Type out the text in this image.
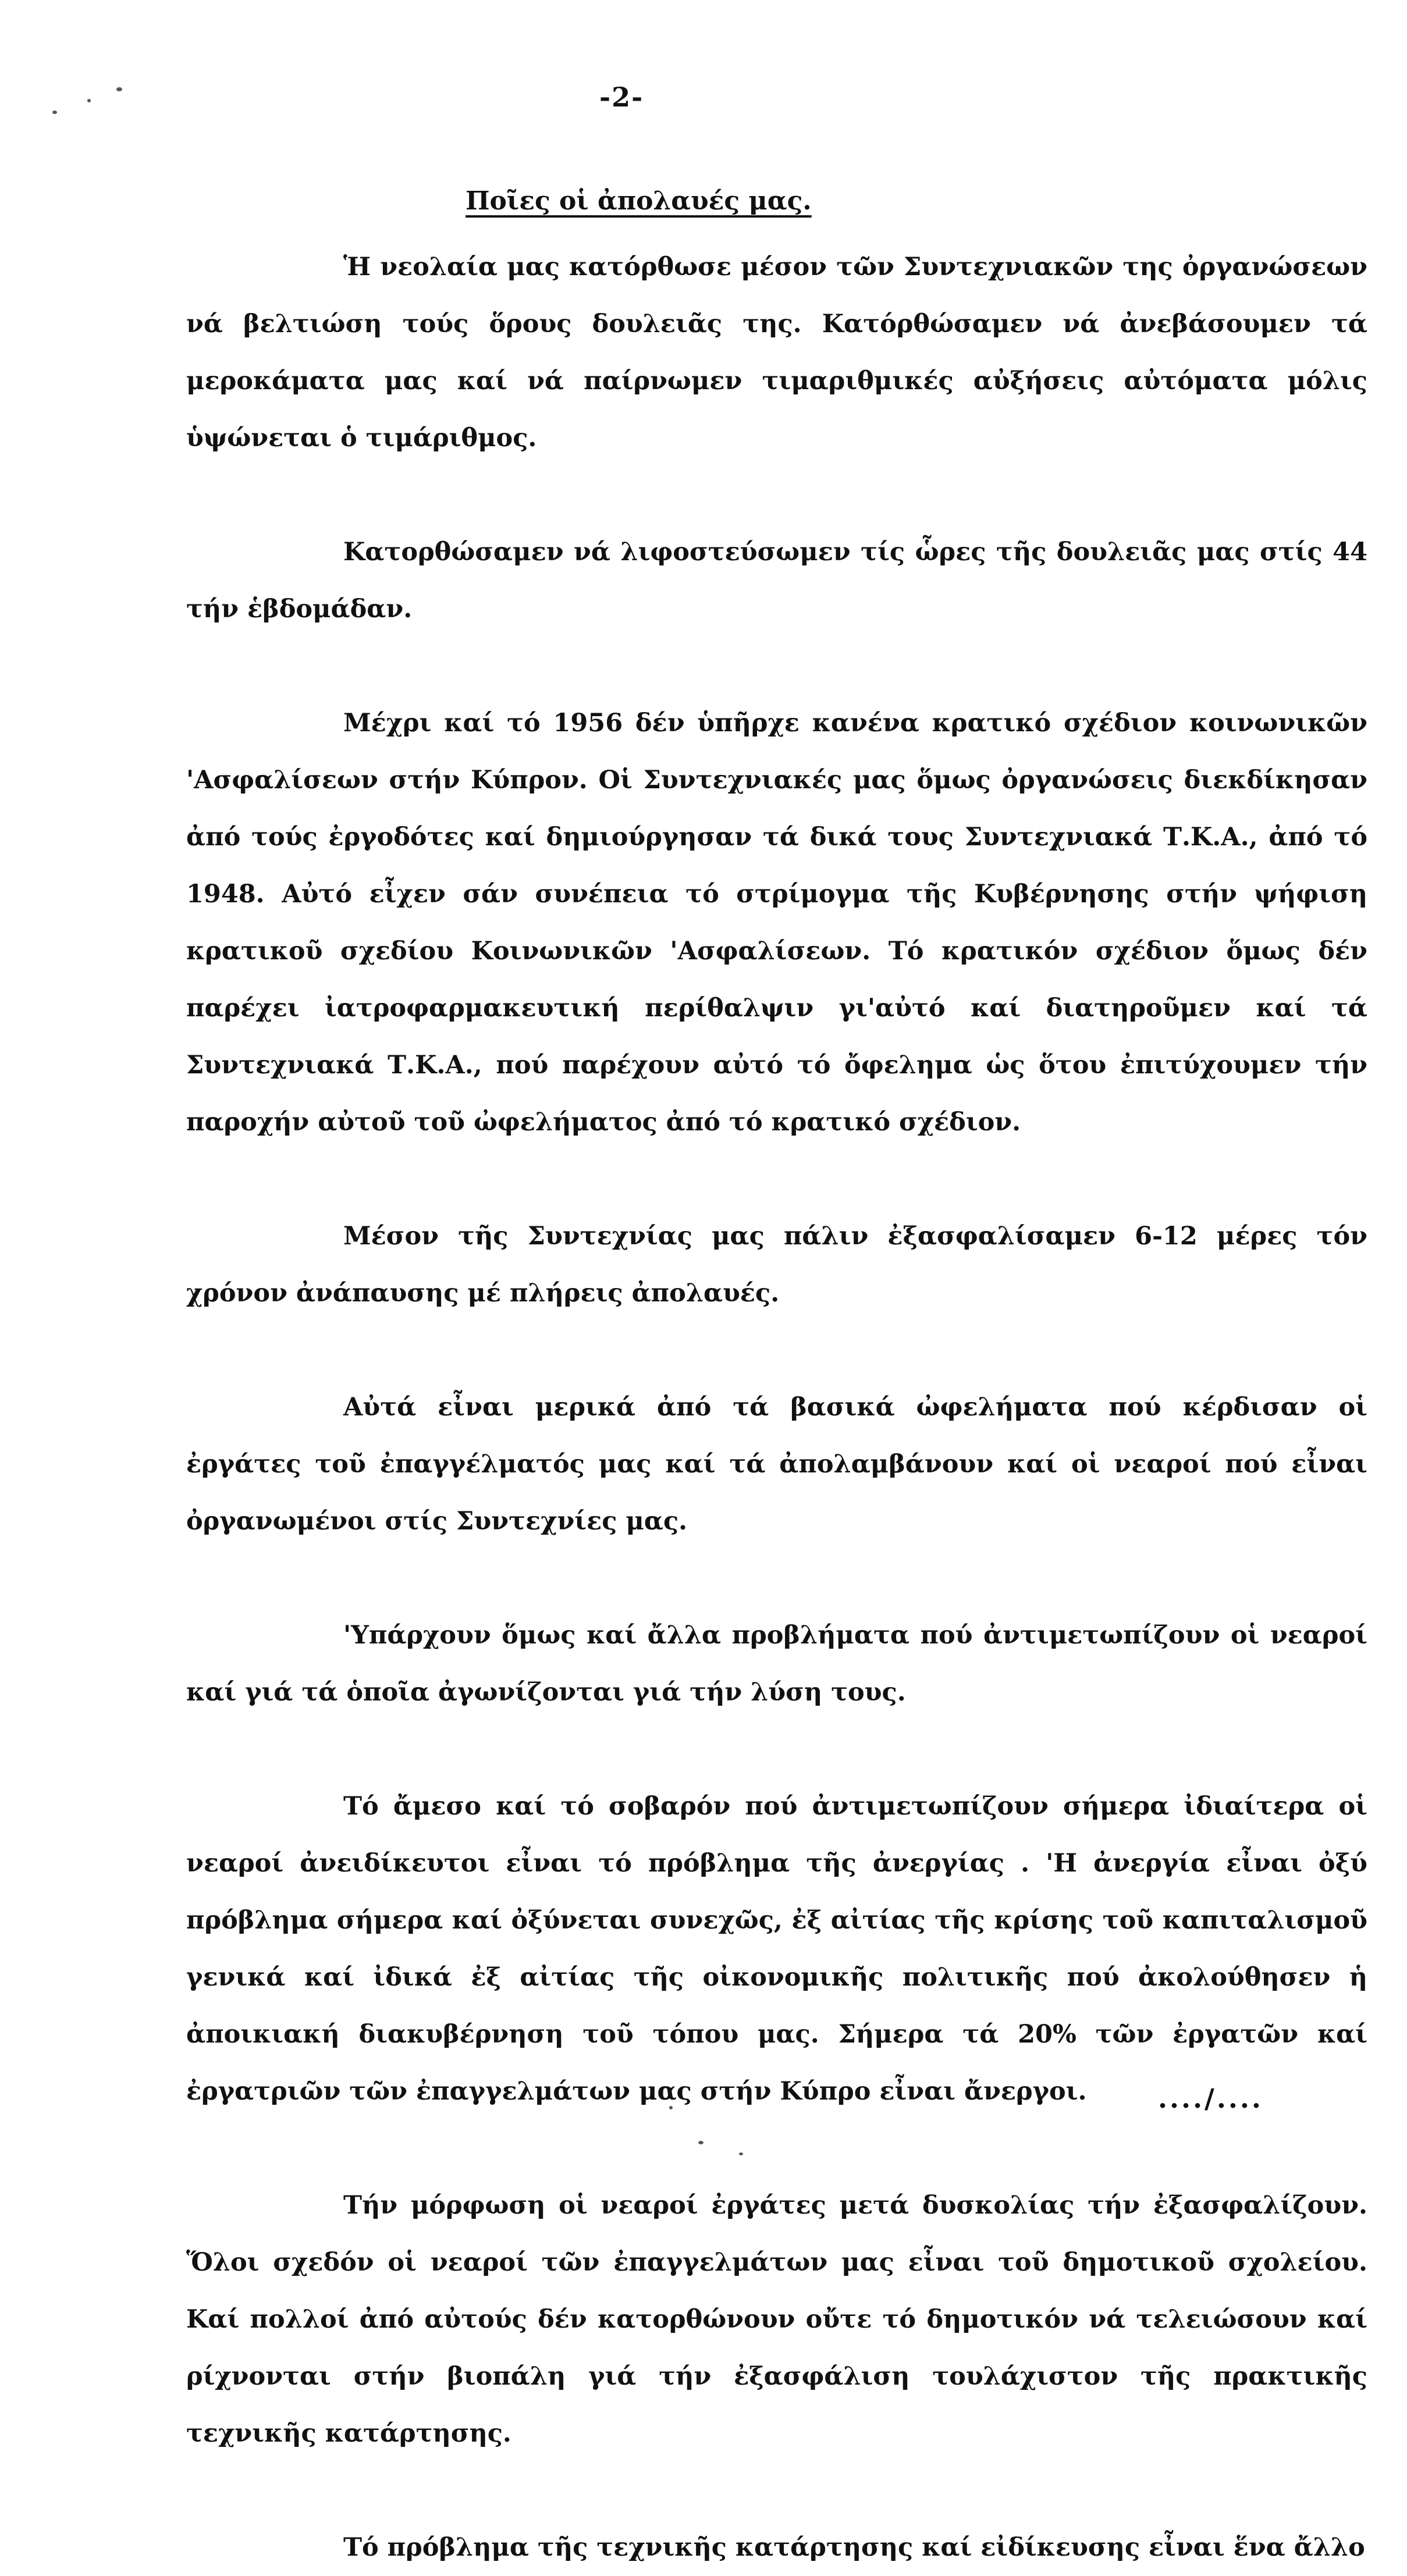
-2-
Ποῖες οἱ ἀπολαυές μας.

Ἡ νεολαία μας κατόρθωσε μέσον τῶν Συντεχνιακῶν της ὀργανώσεων νά βελτιώση τούς ὅρους δουλειᾶς της. Κατόρθώσαμεν νά ἀνεβάσουμεν τά μεροκάματα μας καί νά παίρνωμεν τιμαριθμικές αὐξήσεις αὐτόματα μόλις ὑψώνεται ὁ τιμάριθμος.

Κατορθώσαμεν νά λιφοστεύσωμεν τίς ὧρες τῆς δουλειᾶς μας στίς 44 τήν ἑβδομάδαν.

Μέχρι καί τό 1956 δέν ὑπῆρχε κανένα κρατικό σχέδιον κοινωνικῶν 'Ασφαλίσεων στήν Κύπρον. Οἱ Συντεχνιακές μας ὅμως ὀργανώσεις διεκδίκησαν ἀπό τούς ἐργοδότες καί δημιούργησαν τά δικά τους Συντεχνιακά Τ.Κ.Α., ἀπό τό 1948. Αὐτό εἶχεν σάν συνέπεια τό στρίμογμα τῆς Κυβέρνησης στήν ψήφιση κρατικοῦ σχεδίου Κοινωνικῶν 'Ασφαλίσεων. Τό κρατικόν σχέδιον ὅμως δέν παρέχει ἰατροφαρμακευτική περίθαλψιν γι'αὐτό καί διατηροῦμεν καί τά Συντεχνιακά Τ.Κ.Α., πού παρέχουν αὐτό τό ὄφελημα ὡς ὅτου ἐπιτύχουμεν τήν παροχήν αὐτοῦ τοῦ ὠφελήματος ἀπό τό κρατικό σχέδιον.

Μέσον τῆς Συντεχνίας μας πάλιν ἐξασφαλίσαμεν 6-12 μέρες τόν χρόνον ἀνάπαυσης μέ πλήρεις ἀπολαυές.

Αὐτά εἶναι μερικά ἀπό τά βασικά ὠφελήματα πού κέρδισαν οἱ ἐργάτες τοῦ ἐπαγγέλματός μας καί τά ἀπολαμβάνουν καί οἱ νεαροί πού εἶναι ὀργανωμένοι στίς Συντεχνίες μας.

'Υπάρχουν ὅμως καί ἄλλα προβλήματα πού ἀντιμετωπίζουν οἱ νεαροί καί γιά τά ὁποῖα ἀγωνίζονται γιά τήν λύση τους.

Τό ἄμεσο καί τό σοβαρόν πού ἀντιμετωπίζουν σήμερα ἰδιαίτερα οἱ νεαροί ἀνειδίκευτοι εἶναι τό πρόβλημα τῆς ἀνεργίας . 'Η ἀνεργία εἶναι ὀξύ πρόβλημα σήμερα καί ὀξύνεται συνεχῶς, ἐξ αἰτίας τῆς κρίσης τοῦ καπιταλισμοῦ γενικά καί ἰδικά ἐξ αἰτίας τῆς οἰκονομικῆς πολιτικῆς πού ἀκολούθησεν ἡ ἀποικιακή διακυβέρνηση τοῦ τόπου μας. Σήμερα τά 20% τῶν ἐργατῶν καί ἐργατριῶν τῶν ἐπαγγελμάτων μας στήν Κύπρο εἶναι ἄνεργοι.

Τήν μόρφωση οἱ νεαροί ἐργάτες μετά δυσκολίας τήν ἐξασφαλίζουν. Ὅλοι σχεδόν οἱ νεαροί τῶν ἐπαγγελμάτων μας εἶναι τοῦ δημοτικοῦ σχολείου. Καί πολλοί ἀπό αὐτούς δέν κατορθώνουν οὔτε τό δημοτικόν νά τελειώσουν καί ρίχνονται στήν βιοπάλη γιά τήν ἐξασφάλιση τουλάχιστον τῆς πρακτικῆς τεχνικῆς κατάρτησης.

Τό πρόβλημα τῆς τεχνικῆς κατάρτησης καί εἰδίκευσης εἶναι ἕνα ἄλλο

..../....
